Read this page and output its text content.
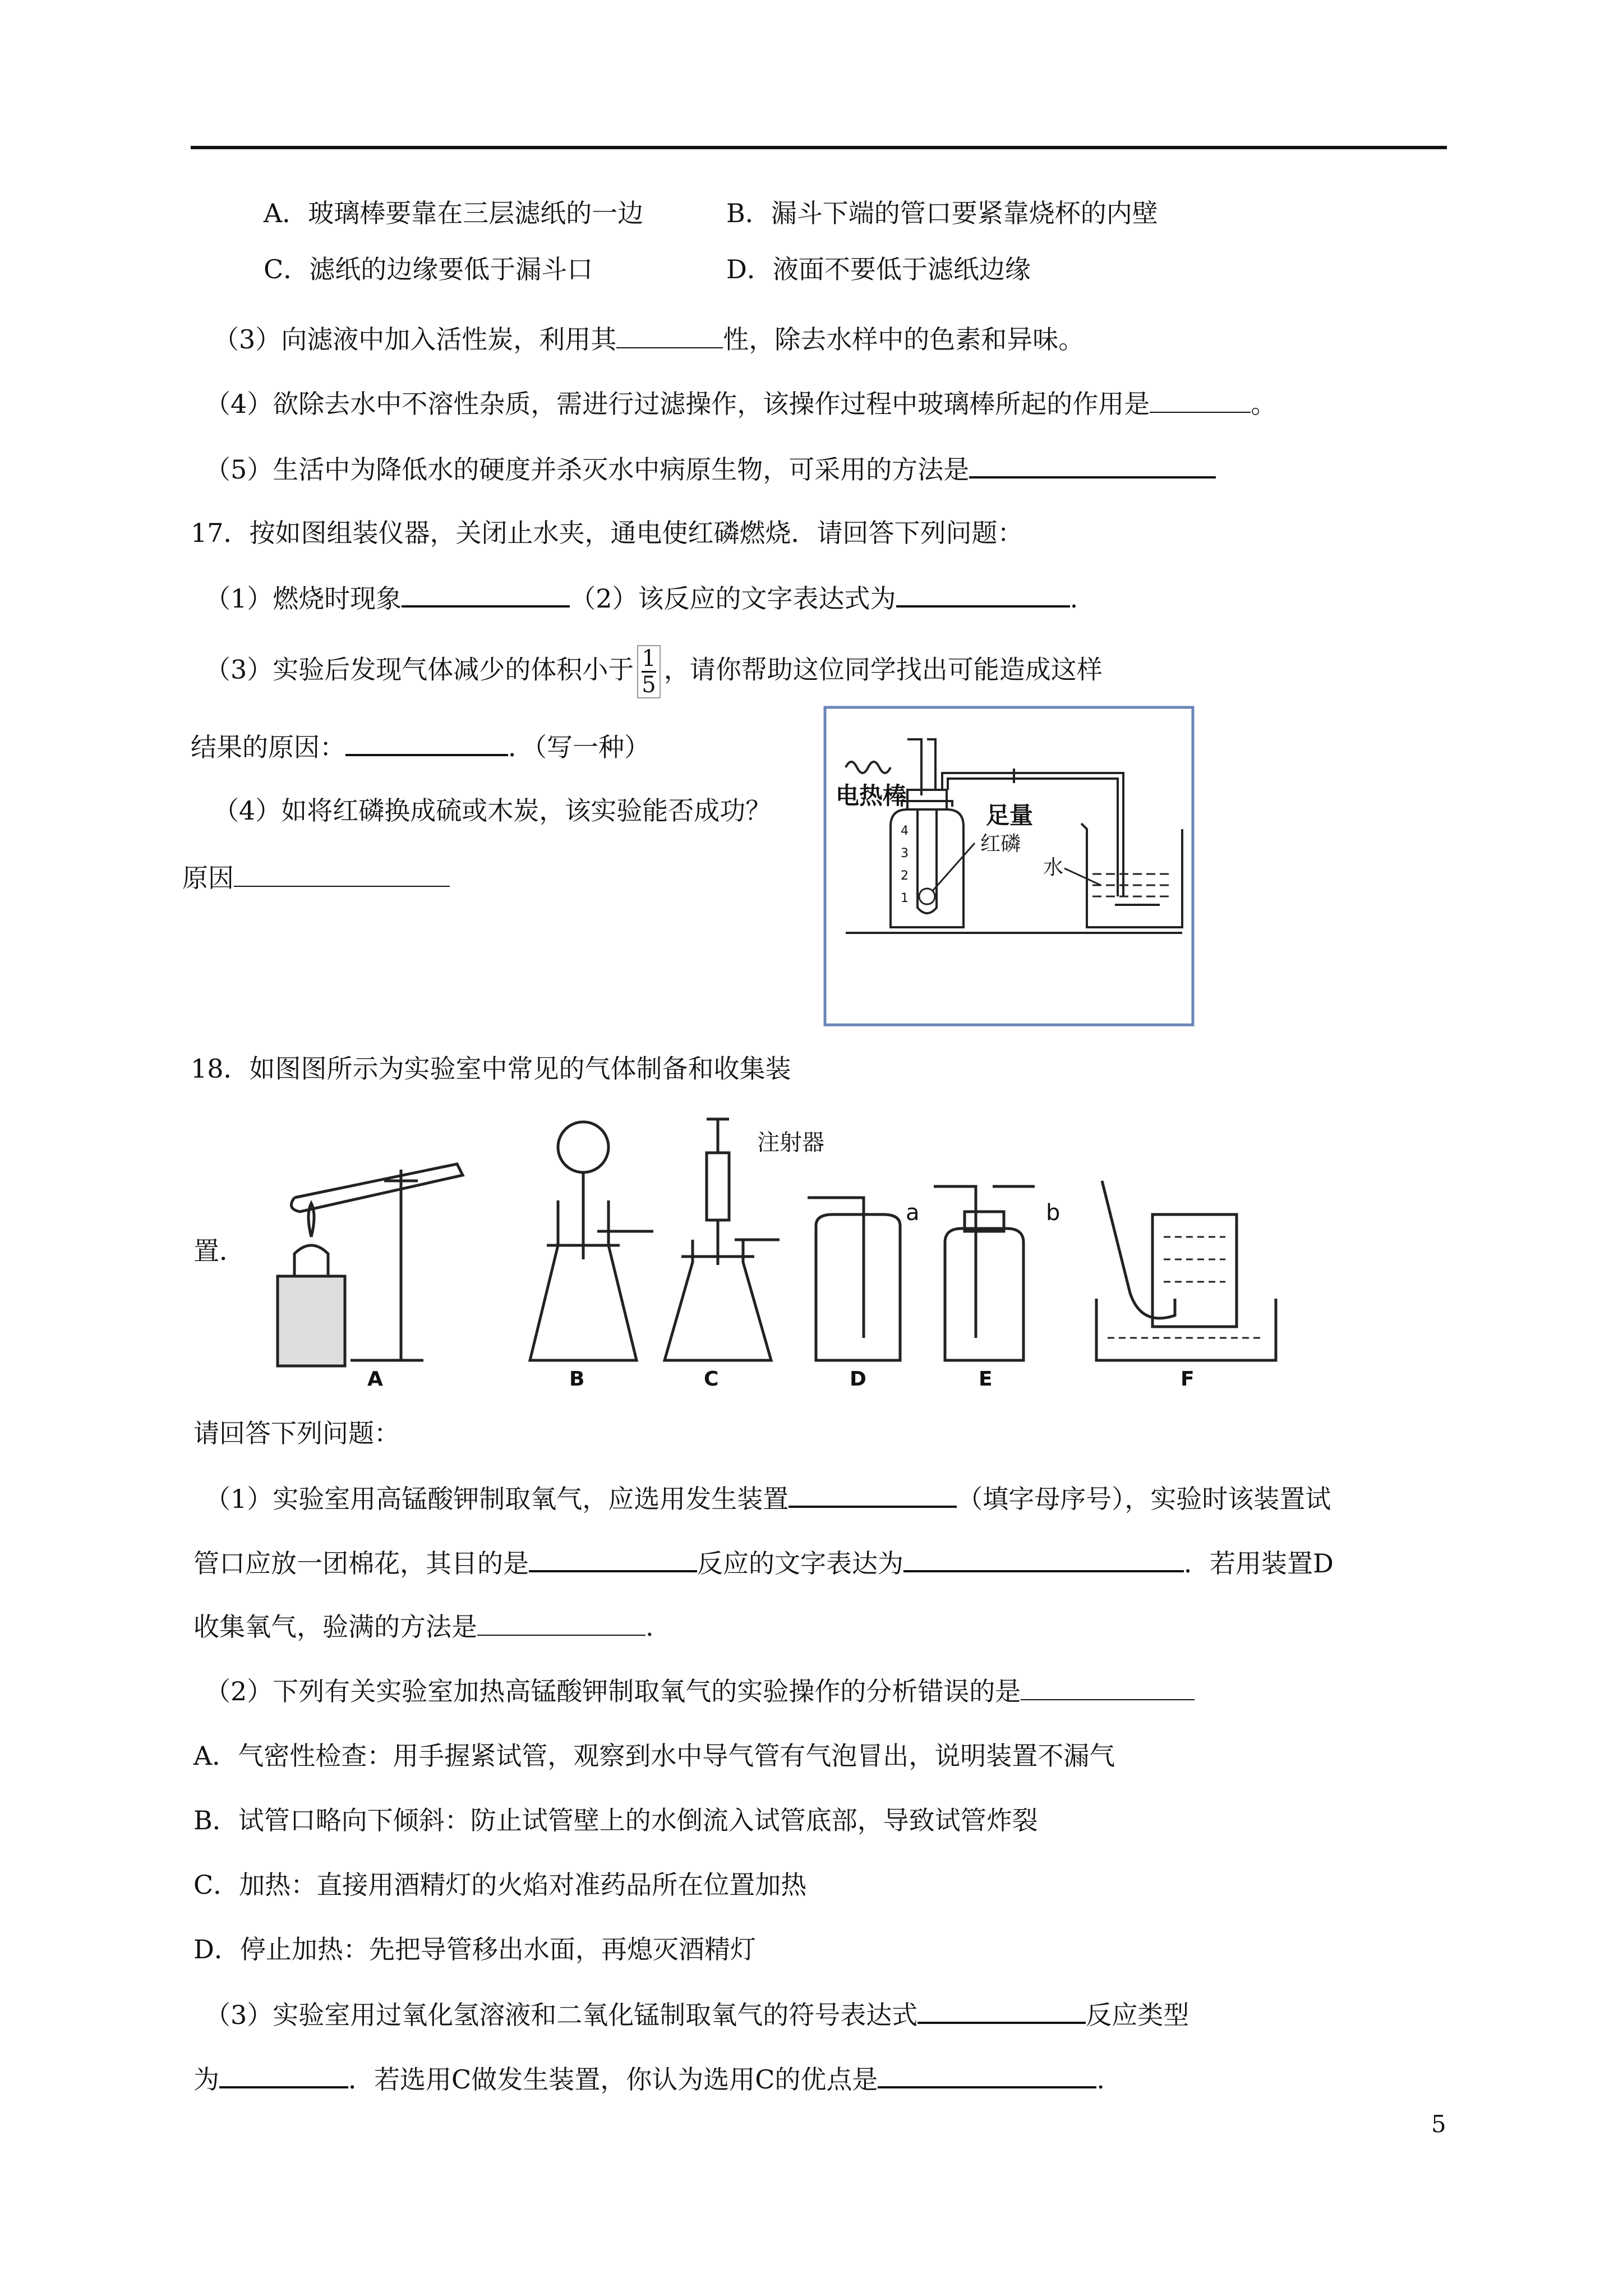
A．玻璃棒要靠在三层滤纸的一边	B．漏斗下端的管口要紧靠烧杯的内壁
C．滤纸的边缘要低于漏斗口	D．液面不要低于滤纸边缘
（3）向滤液中加入活性炭，利用其	性，除去水样中的色素和异味。
（4）欲除去水中不溶性杂质，需进行过滤操作，该操作过程中玻璃棒所起的作用是	。
（5）生活中为降低水的硬度并杀灭水中病原生物，可采用的方法是
17．按如图组装仪器，关闭止水夹，通电使红磷燃烧．请回答下列问题：
（1）燃烧时现象	（2）该反应的文字表达式为	.
（3）实验后发现气体减少的体积小于 $\frac{1}{5}$ ，请你帮助这位同学找出可能造成这样
结果的原因：	．（写一种）
（4）如将红磷换成硫或木炭，该实验能否成功？
原因
电热棒
足量
红磷
水
4
3
2
1
18．如图图所示为实验室中常见的气体制备和收集装
置．
注射器
a	b
A	B	C	D	E	F
请回答下列问题：
（1）实验室用高锰酸钾制取氧气，应选用发生装置	（填字母序号），实验时该装置试
管口应放一团棉花，其目的是	反应的文字表达为	．若用装置D
收集氧气，验满的方法是	.
（2）下列有关实验室加热高锰酸钾制取氧气的实验操作的分析错误的是
A．气密性检查：用手握紧试管，观察到水中导气管有气泡冒出，说明装置不漏气
B．试管口略向下倾斜：防止试管壁上的水倒流入试管底部，导致试管炸裂
C．加热：直接用酒精灯的火焰对准药品所在位置加热
D．停止加热：先把导管移出水面，再熄灭酒精灯
（3）实验室用过氧化氢溶液和二氧化锰制取氧气的符号表达式	反应类型
为	．若选用C做发生装置，你认为选用C的优点是	.
5
